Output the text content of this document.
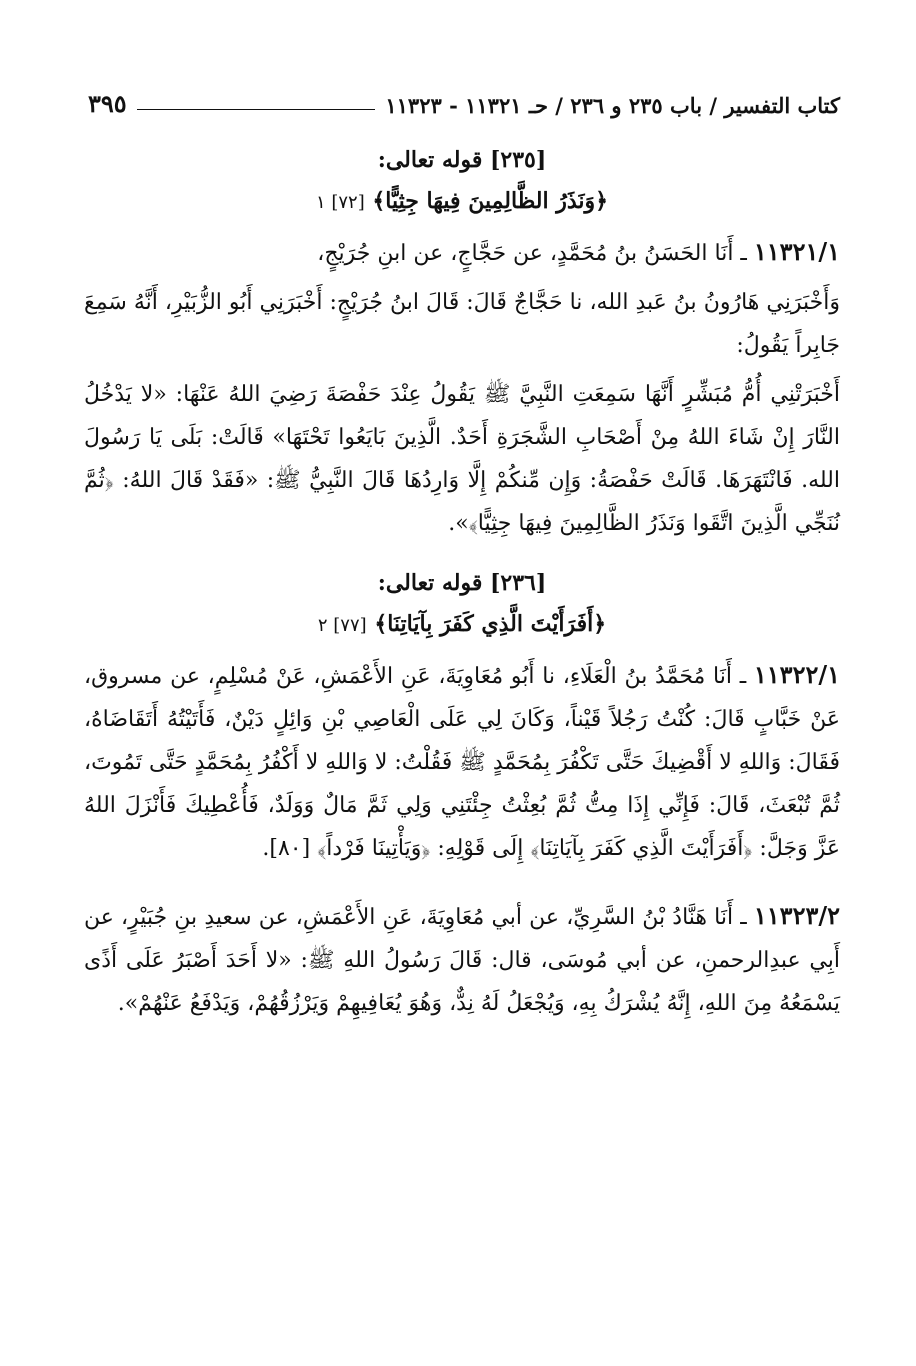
كتاب التفسير / باب ٢٣٥ و ٢٣٦ / حـ ١١٣٢١ - ١١٣٢٣
٣٩٥
[٢٣٥] قوله تعالى:
﴿وَنَذَرُ الظَّالِمِينَ فِيهَا جِثِيًّا﴾ [٧٢] ١
١١٣٢١/١ ـ أَنَا الحَسَنُ بنُ مُحَمَّدٍ، عن حَجَّاجٍ، عن ابنِ جُرَيْجٍ،
وَأَخْبَرَنِي هَارُونُ بنُ عَبدِ الله، نا حَجَّاجٌ قَالَ: قَالَ ابنُ جُرَيْجٍ: أَخْبَرَنِي أَبُو الزُّبَيْرِ، أَنَّهُ سَمِعَ جَابِراً يَقُولُ:
أَخْبَرَتْنِي أُمُّ مُبَشِّرٍ أَنَّهَا سَمِعَتِ النَّبِيَّ ﷺ يَقُولُ عِنْدَ حَفْصَةَ رَضِيَ اللهُ عَنْهَا: «لا يَدْخُلُ النَّارَ إِنْ شَاءَ اللهُ مِنْ أَصْحَابِ الشَّجَرَةِ أَحَدٌ. الَّذِينَ بَايَعُوا تَحْتَهَا» قَالَتْ: بَلَى يَا رَسُولَ الله. فَانْتَهَرَهَا. قَالَتْ حَفْصَةُ: وَإِن مِّنكُمْ إِلَّا وَارِدُهَا قَالَ النَّبِيُّ ﷺ: «فَقَدْ قَالَ اللهُ: ﴿ثُمَّ نُنَجِّي الَّذِينَ اتَّقَوا وَنَذَرُ الظَّالِمِينَ فِيهَا جِثِيًّا﴾».
[٢٣٦] قوله تعالى:
﴿أَفَرَأَيْتَ الَّذِي كَفَرَ بِآيَاتِنَا﴾ [٧٧] ٢
١١٣٢٢/١ ـ أَنَا مُحَمَّدُ بنُ الْعَلَاءِ، نا أَبُو مُعَاوِيَةَ، عَنِ الأَعْمَشِ، عَنْ مُسْلِمٍ، عن مسروق، عَنْ خَبَّابٍ قَالَ: كُنْتُ رَجُلاً قَيْناً، وَكَانَ لِي عَلَى الْعَاصِي بْنِ وَائِلٍ دَيْنٌ، فَأَتَيْتُهُ أَتَقَاضَاهُ، فَقَالَ: وَاللهِ لا أَقْضِيكَ حَتَّى تَكْفُرَ بِمُحَمَّدٍ ﷺ فَقُلْتُ: لا وَاللهِ لا أَكْفُرُ بِمُحَمَّدٍ حَتَّى تَمُوتَ، ثُمَّ تُبْعَثَ، قَالَ: فَإِنِّي إِذَا مِتُّ ثُمَّ بُعِثْتُ جِئْتَنِي وَلِي ثَمَّ مَالٌ وَوَلَدٌ، فَأُعْطِيكَ فَأَنْزَلَ اللهُ عَزَّ وَجَلَّ: ﴿أَفَرَأَيْتَ الَّذِي كَفَرَ بِآيَاتِنَا﴾ إِلَى قَوْلِهِ: ﴿وَيَأْتِينَا فَرْداً﴾ [٨٠].
١١٣٢٣/٢ ـ أَنَا هَنَّادُ بْنُ السَّرِيِّ، عن أبي مُعَاوِيَةَ، عَنِ الأَعْمَشِ، عن سعيدِ بنِ جُبَيْرٍ، عن أَبِي عبدِالرحمنِ، عن أبي مُوسَى، قال: قَالَ رَسُولُ اللهِ ﷺ: «لا أَحَدَ أَصْبَرُ عَلَى أَذًى يَسْمَعُهُ مِنَ اللهِ، إِنَّهُ يُشْرَكُ بِهِ، وَيُجْعَلُ لَهُ نِدٌّ، وَهُوَ يُعَافِيهِمْ وَيَرْزُقُهُمْ، وَيَدْفَعُ عَنْهُمْ».
